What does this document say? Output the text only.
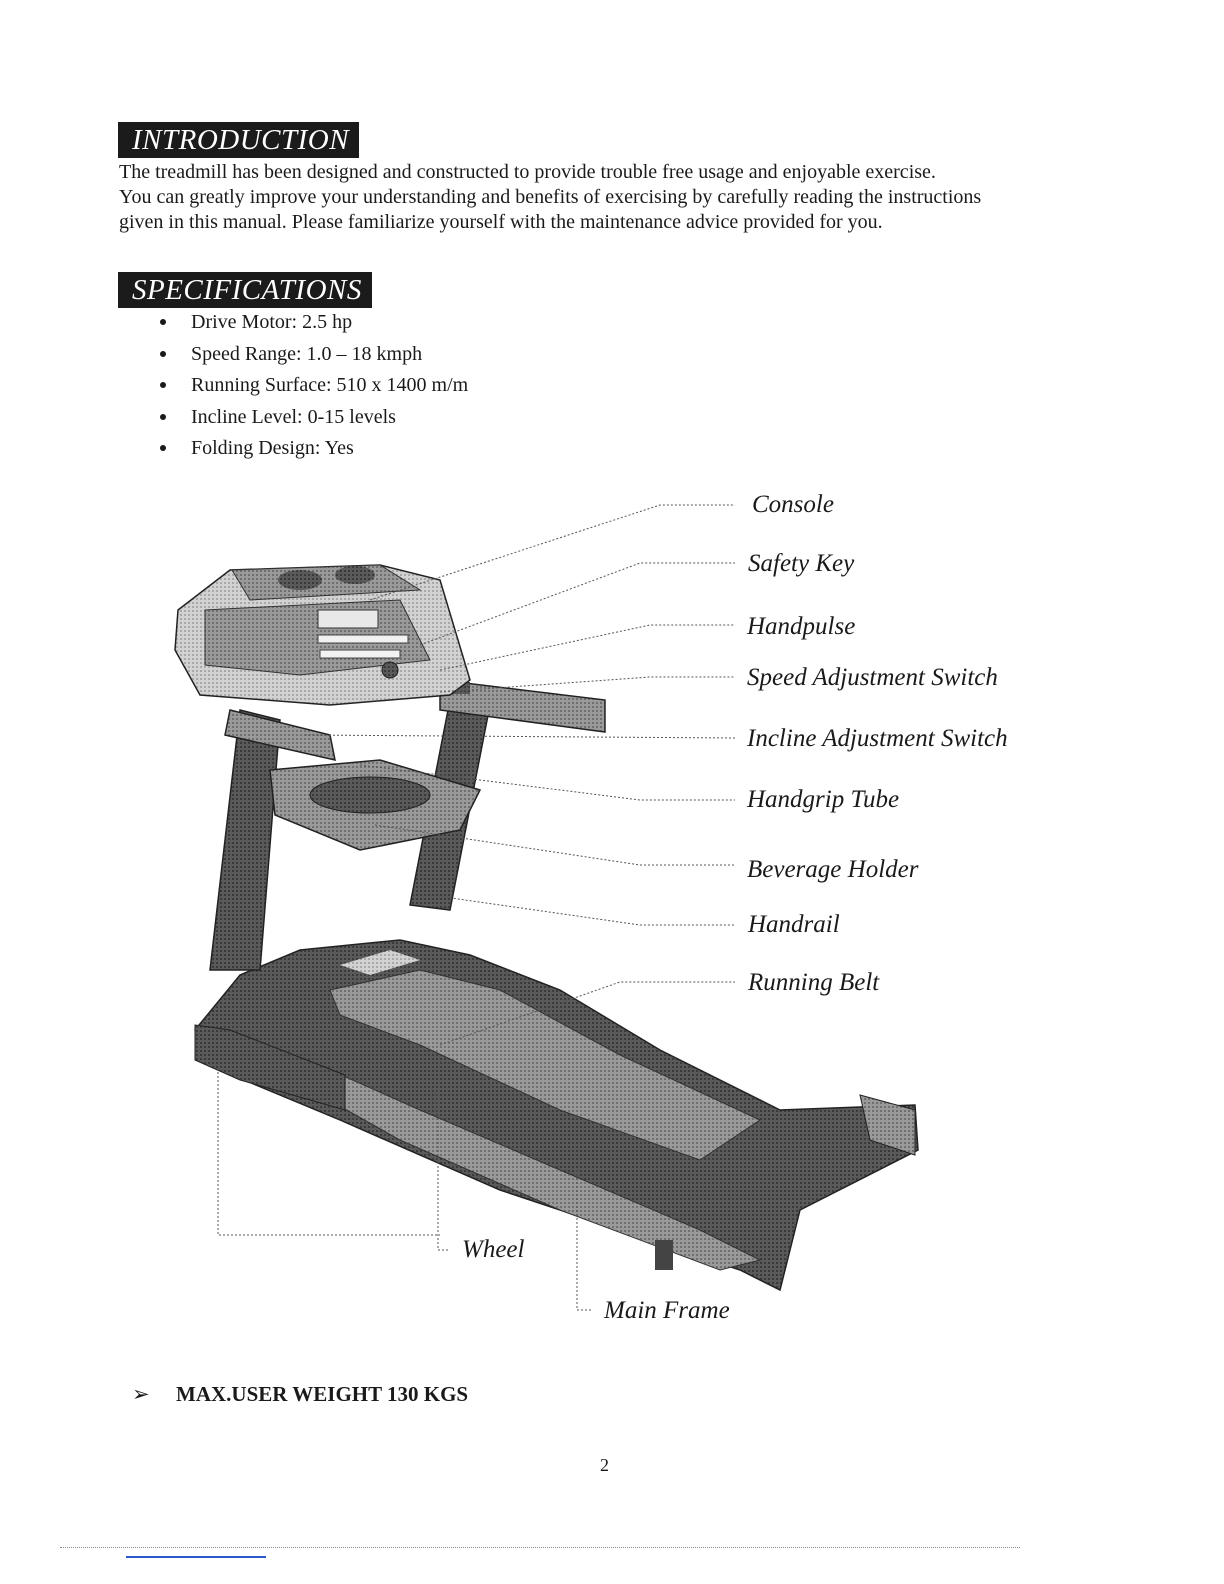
INTRODUCTION

The treadmill has been designed and constructed to provide trouble free usage and enjoyable exercise.

You can greatly improve your understanding and benefits of exercising by carefully reading the instructions

given in this manual. Please familiarize yourself with the maintenance advice provided for you.

SPECIFICATIONS
Drive Motor: 2.5 hp
Speed Range: 1.0 – 18 kmph
Running Surface: 510 x 1400 m/m
Incline Level: 0-15 levels
Folding Design: Yes
Console
Safety Key
Handpulse
Speed Adjustment Switch
Incline Adjustment Switch
Handgrip Tube
Beverage Holder
Handrail
Running Belt
Wheel
Main Frame
➢ MAX.USER WEIGHT 130 KGS
2
